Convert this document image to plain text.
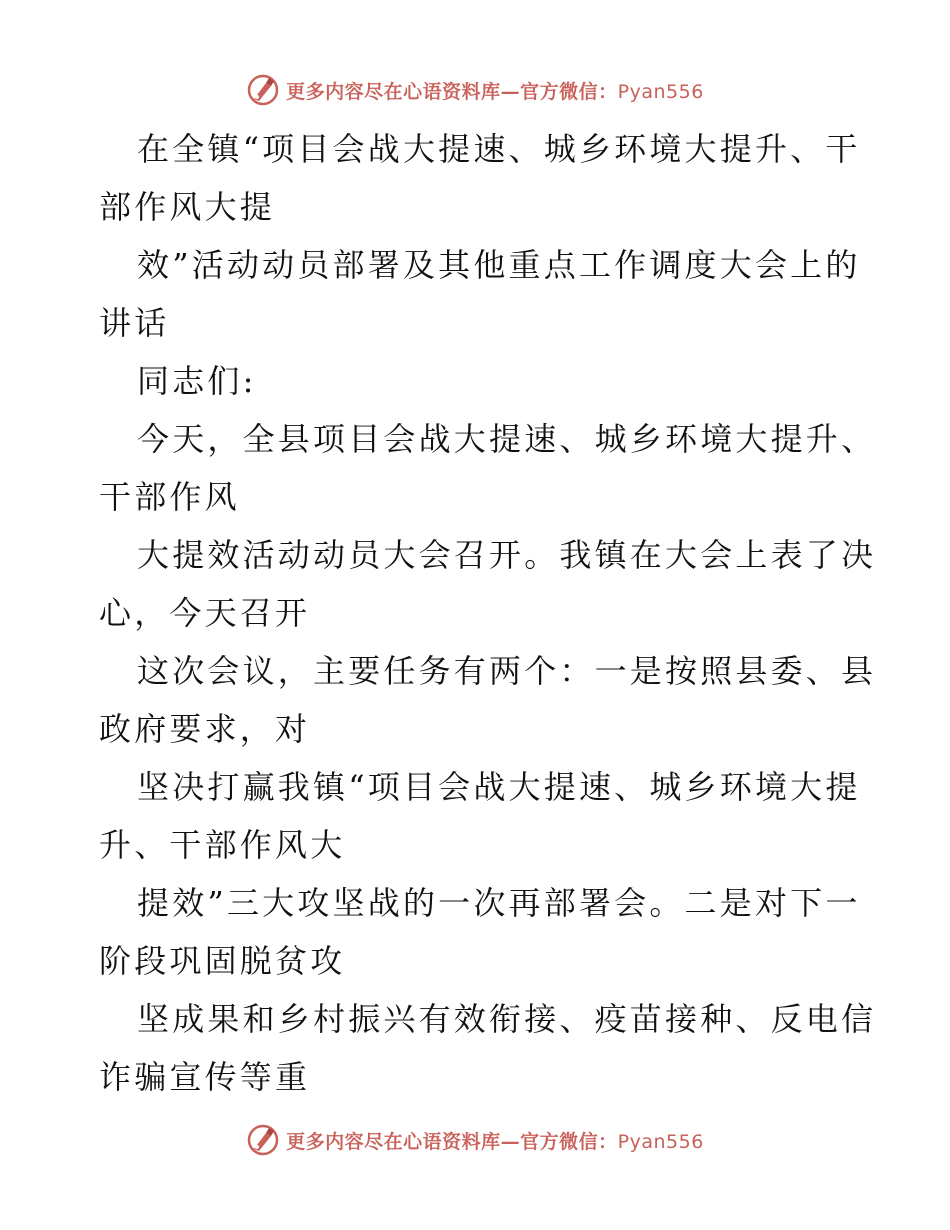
更多内容尽在心语资料库—官方微信：Pyan556

在全镇“项目会战大提速、城乡环境大提升、干
部作风大提

效”活动动员部署及其他重点工作调度大会上的
讲话

同志们:

今天，全县项目会战大提速、城乡环境大提升、
干部作风

大提效活动动员大会召开。我镇在大会上表了决
心，今天召开

这次会议，主要任务有两个：一是按照县委、县
政府要求，对

坚决打赢我镇“项目会战大提速、城乡环境大提
升、干部作风大

提效”三大攻坚战的一次再部署会。二是对下一
阶段巩固脱贫攻

坚成果和乡村振兴有效衔接、疫苗接种、反电信
诈骗宣传等重

更多内容尽在心语资料库—官方微信：Pyan556
